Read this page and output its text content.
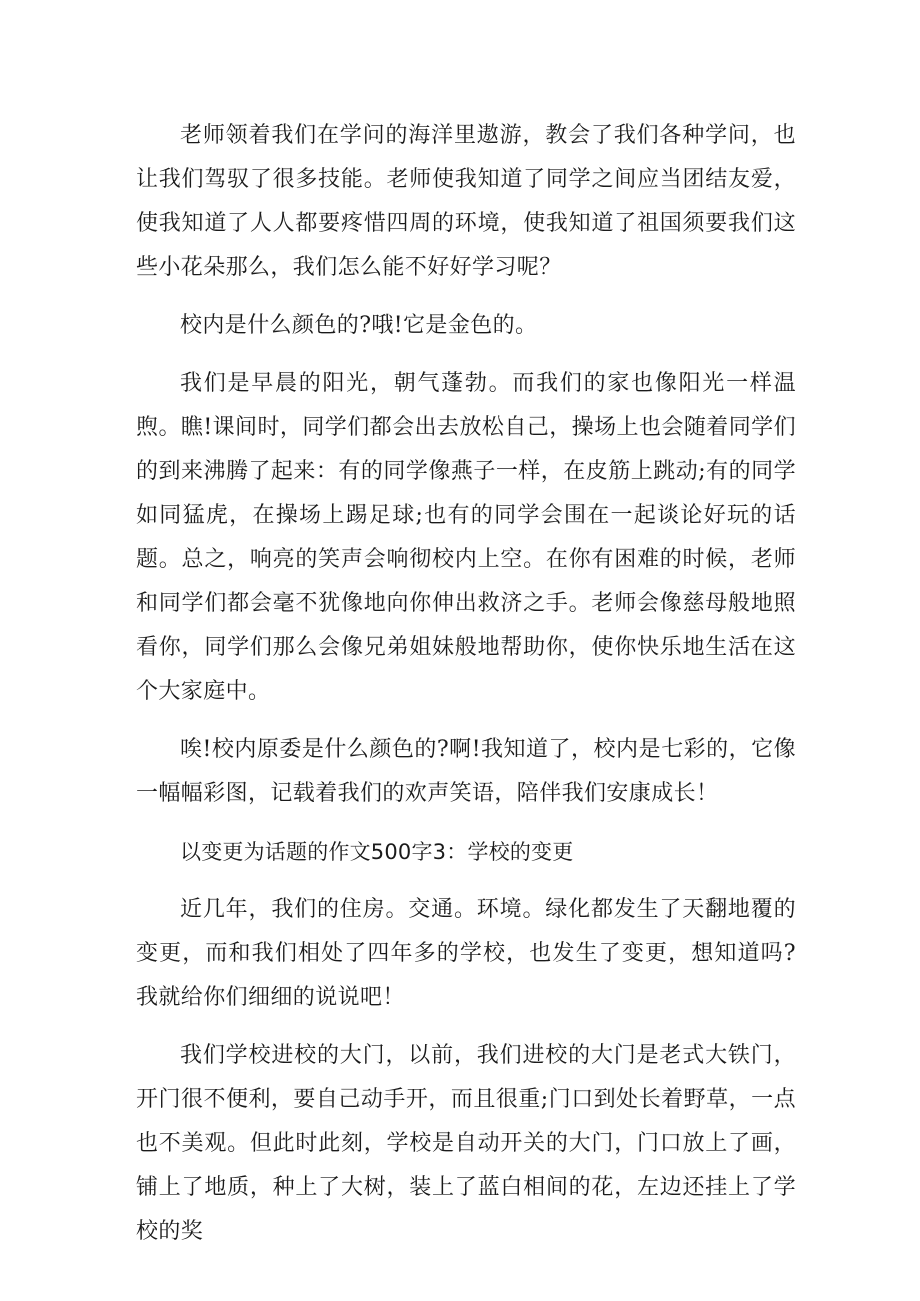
老师领着我们在学问的海洋里遨游，教会了我们各种学问，也让我们驾驭了很多技能。老师使我知道了同学之间应当团结友爱，使我知道了人人都要疼惜四周的环境，使我知道了祖国须要我们这些小花朵那么，我们怎么能不好好学习呢？

校内是什么颜色的?哦!它是金色的。

我们是早晨的阳光，朝气蓬勃。而我们的家也像阳光一样温煦。瞧!课间时，同学们都会出去放松自己，操场上也会随着同学们的到来沸腾了起来：有的同学像燕子一样，在皮筋上跳动;有的同学如同猛虎，在操场上踢足球;也有的同学会围在一起谈论好玩的话题。总之，响亮的笑声会响彻校内上空。在你有困难的时候，老师和同学们都会毫不犹像地向你伸出救济之手。老师会像慈母般地照看你，同学们那么会像兄弟姐妹般地帮助你，使你快乐地生活在这个大家庭中。

唉!校内原委是什么颜色的?啊!我知道了，校内是七彩的，它像一幅幅彩图，记载着我们的欢声笑语，陪伴我们安康成长！

以变更为话题的作文500字3：学校的变更

近几年，我们的住房。交通。环境。绿化都发生了天翻地覆的变更，而和我们相处了四年多的学校，也发生了变更，想知道吗?我就给你们细细的说说吧！

我们学校进校的大门，以前，我们进校的大门是老式大铁门，开门很不便利，要自己动手开，而且很重;门口到处长着野草，一点也不美观。但此时此刻，学校是自动开关的大门，门口放上了画，铺上了地质，种上了大树，装上了蓝白相间的花，左边还挂上了学校的奖
